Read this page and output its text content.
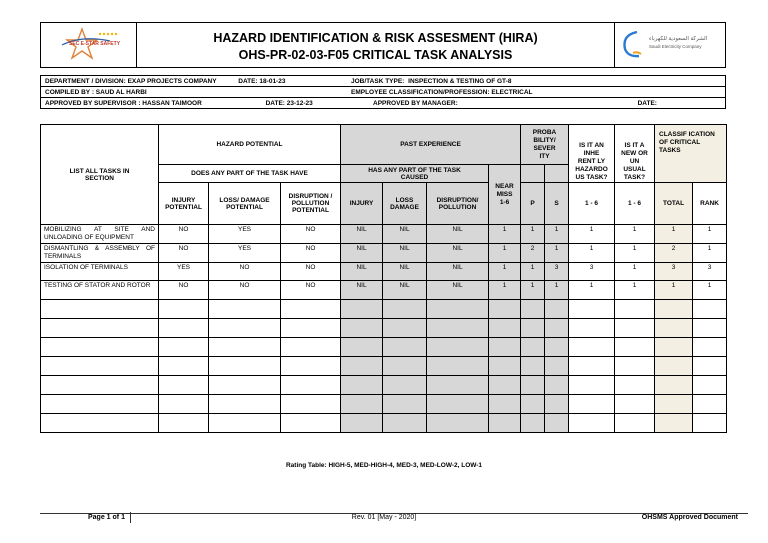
SEC E-STAR SAFETY	HAZARD IDENTIFICATION & RISK ASSESMENT (HIRA)
OHS-PR-02-03-F05 CRITICAL TASK ANALYSIS

الشركة السعودية للكهرباء
Saudi Electricity Company
DEPARTMENT / DIVISION: EXAP PROJECTS COMPANY DATE: 18-01-23	JOB/TASK TYPE: INSPECTION & TESTING OF GT-8
COMPILED BY : SAUD AL HARBI	EMPLOYEE CLASSIFICATION/PROFESSION: ELECTRICAL
APPROVED BY SUPERVISOR : HASSAN TAIMOOR DATE: 23-12-23	APPROVED BY MANAGER: DATE:
LIST ALL TASKS IN SECTION	HAZARD POTENTIAL			PAST EXPERIENCE				PROBA BILITY/ SEVER ITY		IS IT AN INHE RENT LY HAZARDO US TASK?	IS IT A NEW OR UN USUAL TASK?	CLASSIF ICATION OF CRITICAL TASKS	

	DOES ANY PART OF THE TASK HAVE			HAS ANY PART OF THE TASK CAUSED			NEAR MISS 1-6						

	INJURY POTENTIAL	LOSS/ DAMAGE POTENTIAL	DISRUPTION / POLLUTION POTENTIAL	INJURY	LOSS DAMAGE	DISRUPTION/ POLLUTION		P	S	1 - 6	1 - 6	TOTAL	RANK
MOBILIZING AT SITE AND UNLOADING OF EQUIPMENT	NO	YES	NO	NIL	NIL	NIL	1	1	1	1	1	1	1
DISMANTLING & ASSEMBLY OF TERMINALS	NO	YES	NO	NIL	NIL	NIL	1	2	1	1	1	2	1
ISOLATION OF TERMINALS	YES	NO	NO	NIL	NIL	NIL	1	1	3	3	1	3	3
TESTING OF STATOR AND ROTOR	NO	NO	NO	NIL	NIL	NIL	1	1	1	1	1	1	1

Rating Table: HIGH-5, MED-HIGH-4, MED-3, MED-LOW-2, LOW-1
Page 1 of 1	Rev. 01 [May - 2020]	OHSMS Approved Document
